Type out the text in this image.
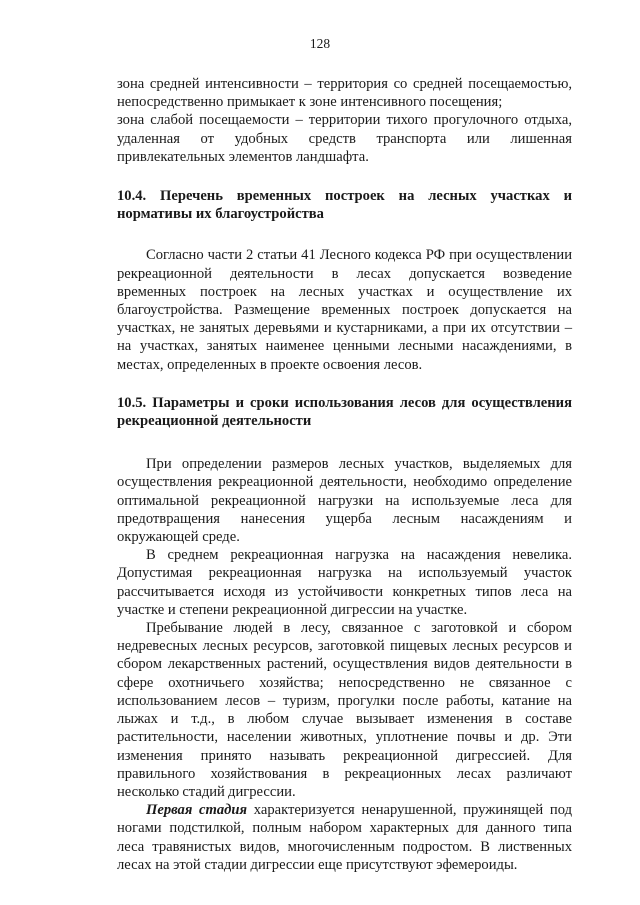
128

зона средней интенсивности – территория со средней посещаемостью, непосредственно примыкает к зоне интенсивного посещения;

зона слабой посещаемости – территории тихого прогулочного отдыха, удаленная от удобных средств транспорта или лишенная привлекательных элементов ландшафта.

10.4. Перечень временных построек на лесных участках и нормативы их благоустройства

Согласно части 2 статьи 41 Лесного кодекса РФ при осуществлении рекреационной деятельности в лесах допускается возведение временных построек на лесных участках и осуществление их благоустройства. Размещение временных построек допускается на участках, не занятых деревьями и кустарниками, а при их отсутствии – на участках, занятых наименее ценными лесными насаждениями, в местах, определенных в проекте освоения лесов.

10.5. Параметры и сроки использования лесов для осуществления рекреационной деятельности

При определении размеров лесных участков, выделяемых для осуществления рекреационной деятельности, необходимо определение оптимальной рекреационной нагрузки на используемые леса для предотвращения нанесения ущерба лесным насаждениям и окружающей среде.

В среднем рекреационная нагрузка на насаждения невелика. Допустимая рекреационная нагрузка на используемый участок рассчитывается исходя из устойчивости конкретных типов леса на участке и степени рекреационной дигрессии на участке.

Пребывание людей в лесу, связанное с заготовкой и сбором недревесных лесных ресурсов, заготовкой пищевых лесных ресурсов и сбором лекарственных растений, осуществления видов деятельности в сфере охотничьего хозяйства; непосредственно не связанное с использованием лесов – туризм, прогулки после работы, катание на лыжах и т.д., в любом случае вызывает изменения в составе растительности, населении животных, уплотнение почвы и др. Эти изменения принято называть рекреационной дигрессией. Для правильного хозяйствования в рекреационных лесах различают несколько стадий дигрессии.

Первая стадия характеризуется ненарушенной, пружинящей под ногами подстилкой, полным набором характерных для данного типа леса травянистых видов, многочисленным подростом. В лиственных лесах на этой стадии дигрессии еще присутствуют эфемероиды.
